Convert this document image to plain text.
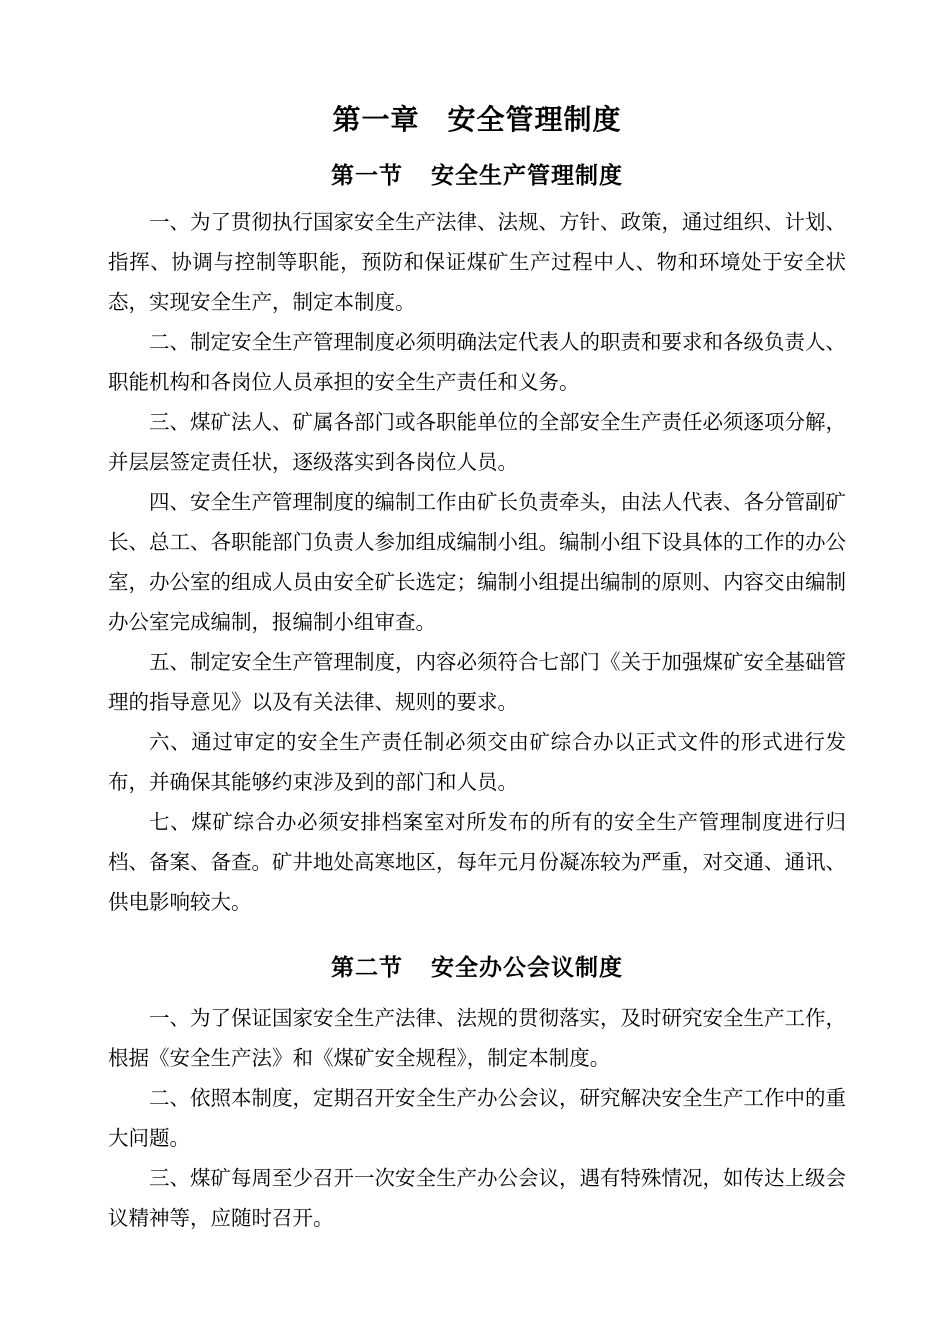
第一章 安全管理制度
第一节 安全生产管理制度

一、为了贯彻执行国家安全生产法律、法规、方针、政策，通过组织、计划、指挥、协调与控制等职能，预防和保证煤矿生产过程中人、物和环境处于安全状态，实现安全生产，制定本制度。

二、制定安全生产管理制度必须明确法定代表人的职责和要求和各级负责人、职能机构和各岗位人员承担的安全生产责任和义务。

三、煤矿法人、矿属各部门或各职能单位的全部安全生产责任必须逐项分解，并层层签定责任状，逐级落实到各岗位人员。

四、安全生产管理制度的编制工作由矿长负责牵头，由法人代表、各分管副矿长、总工、各职能部门负责人参加组成编制小组。编制小组下设具体的工作的办公室，办公室的组成人员由安全矿长选定；编制小组提出编制的原则、内容交由编制办公室完成编制，报编制小组审查。

五、制定安全生产管理制度，内容必须符合七部门《关于加强煤矿安全基础管理的指导意见》以及有关法律、规则的要求。

六、通过审定的安全生产责任制必须交由矿综合办以正式文件的形式进行发布，并确保其能够约束涉及到的部门和人员。

七、煤矿综合办必须安排档案室对所发布的所有的安全生产管理制度进行归档、备案、备查。矿井地处高寒地区，每年元月份凝冻较为严重，对交通、通讯、供电影响较大。

第二节 安全办公会议制度

一、为了保证国家安全生产法律、法规的贯彻落实，及时研究安全生产工作，根据《安全生产法》和《煤矿安全规程》，制定本制度。

二、依照本制度，定期召开安全生产办公会议，研究解决安全生产工作中的重大问题。

三、煤矿每周至少召开一次安全生产办公会议，遇有特殊情况，如传达上级会议精神等，应随时召开。
